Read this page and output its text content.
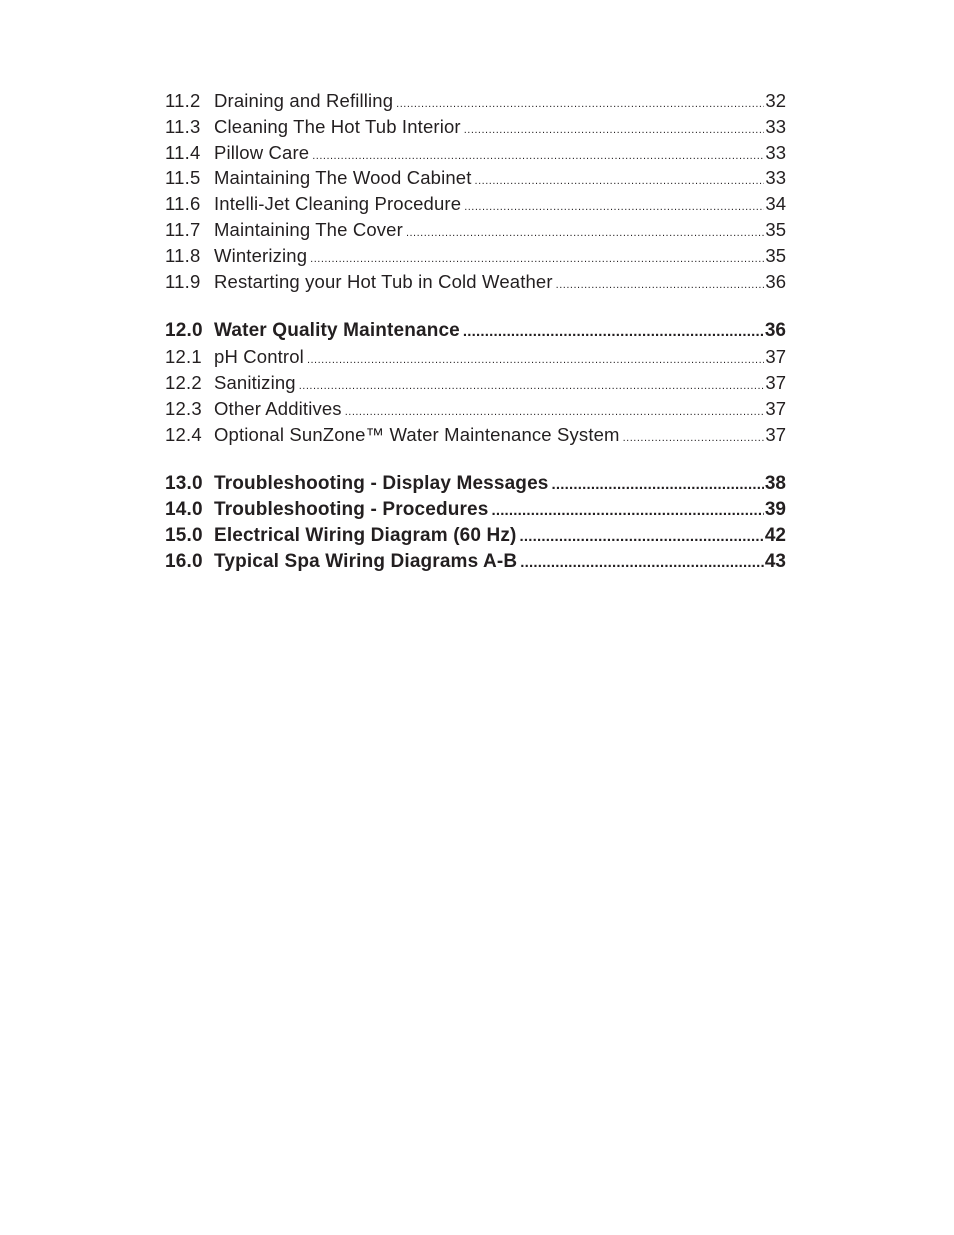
11.2 Draining and Refilling .....	32
11.3 Cleaning The Hot Tub Interior .....	33
11.4 Pillow Care .....	33
11.5 Maintaining The Wood Cabinet .....	33
11.6 Intelli-Jet Cleaning Procedure .....	34
11.7 Maintaining The Cover .....	35
11.8 Winterizing .....	35
11.9 Restarting your Hot Tub in Cold Weather .....	36
12.0 Water Quality Maintenance .....	36
12.1 pH Control .....	37
12.2 Sanitizing .....	37
12.3 Other Additives .....	37
12.4 Optional SunZone™ Water Maintenance System .....	37
13.0 Troubleshooting - Display Messages .....	38
14.0 Troubleshooting - Procedures .....	39
15.0 Electrical Wiring Diagram (60 Hz) .....	42
16.0 Typical Spa Wiring Diagrams A-B .....	43
